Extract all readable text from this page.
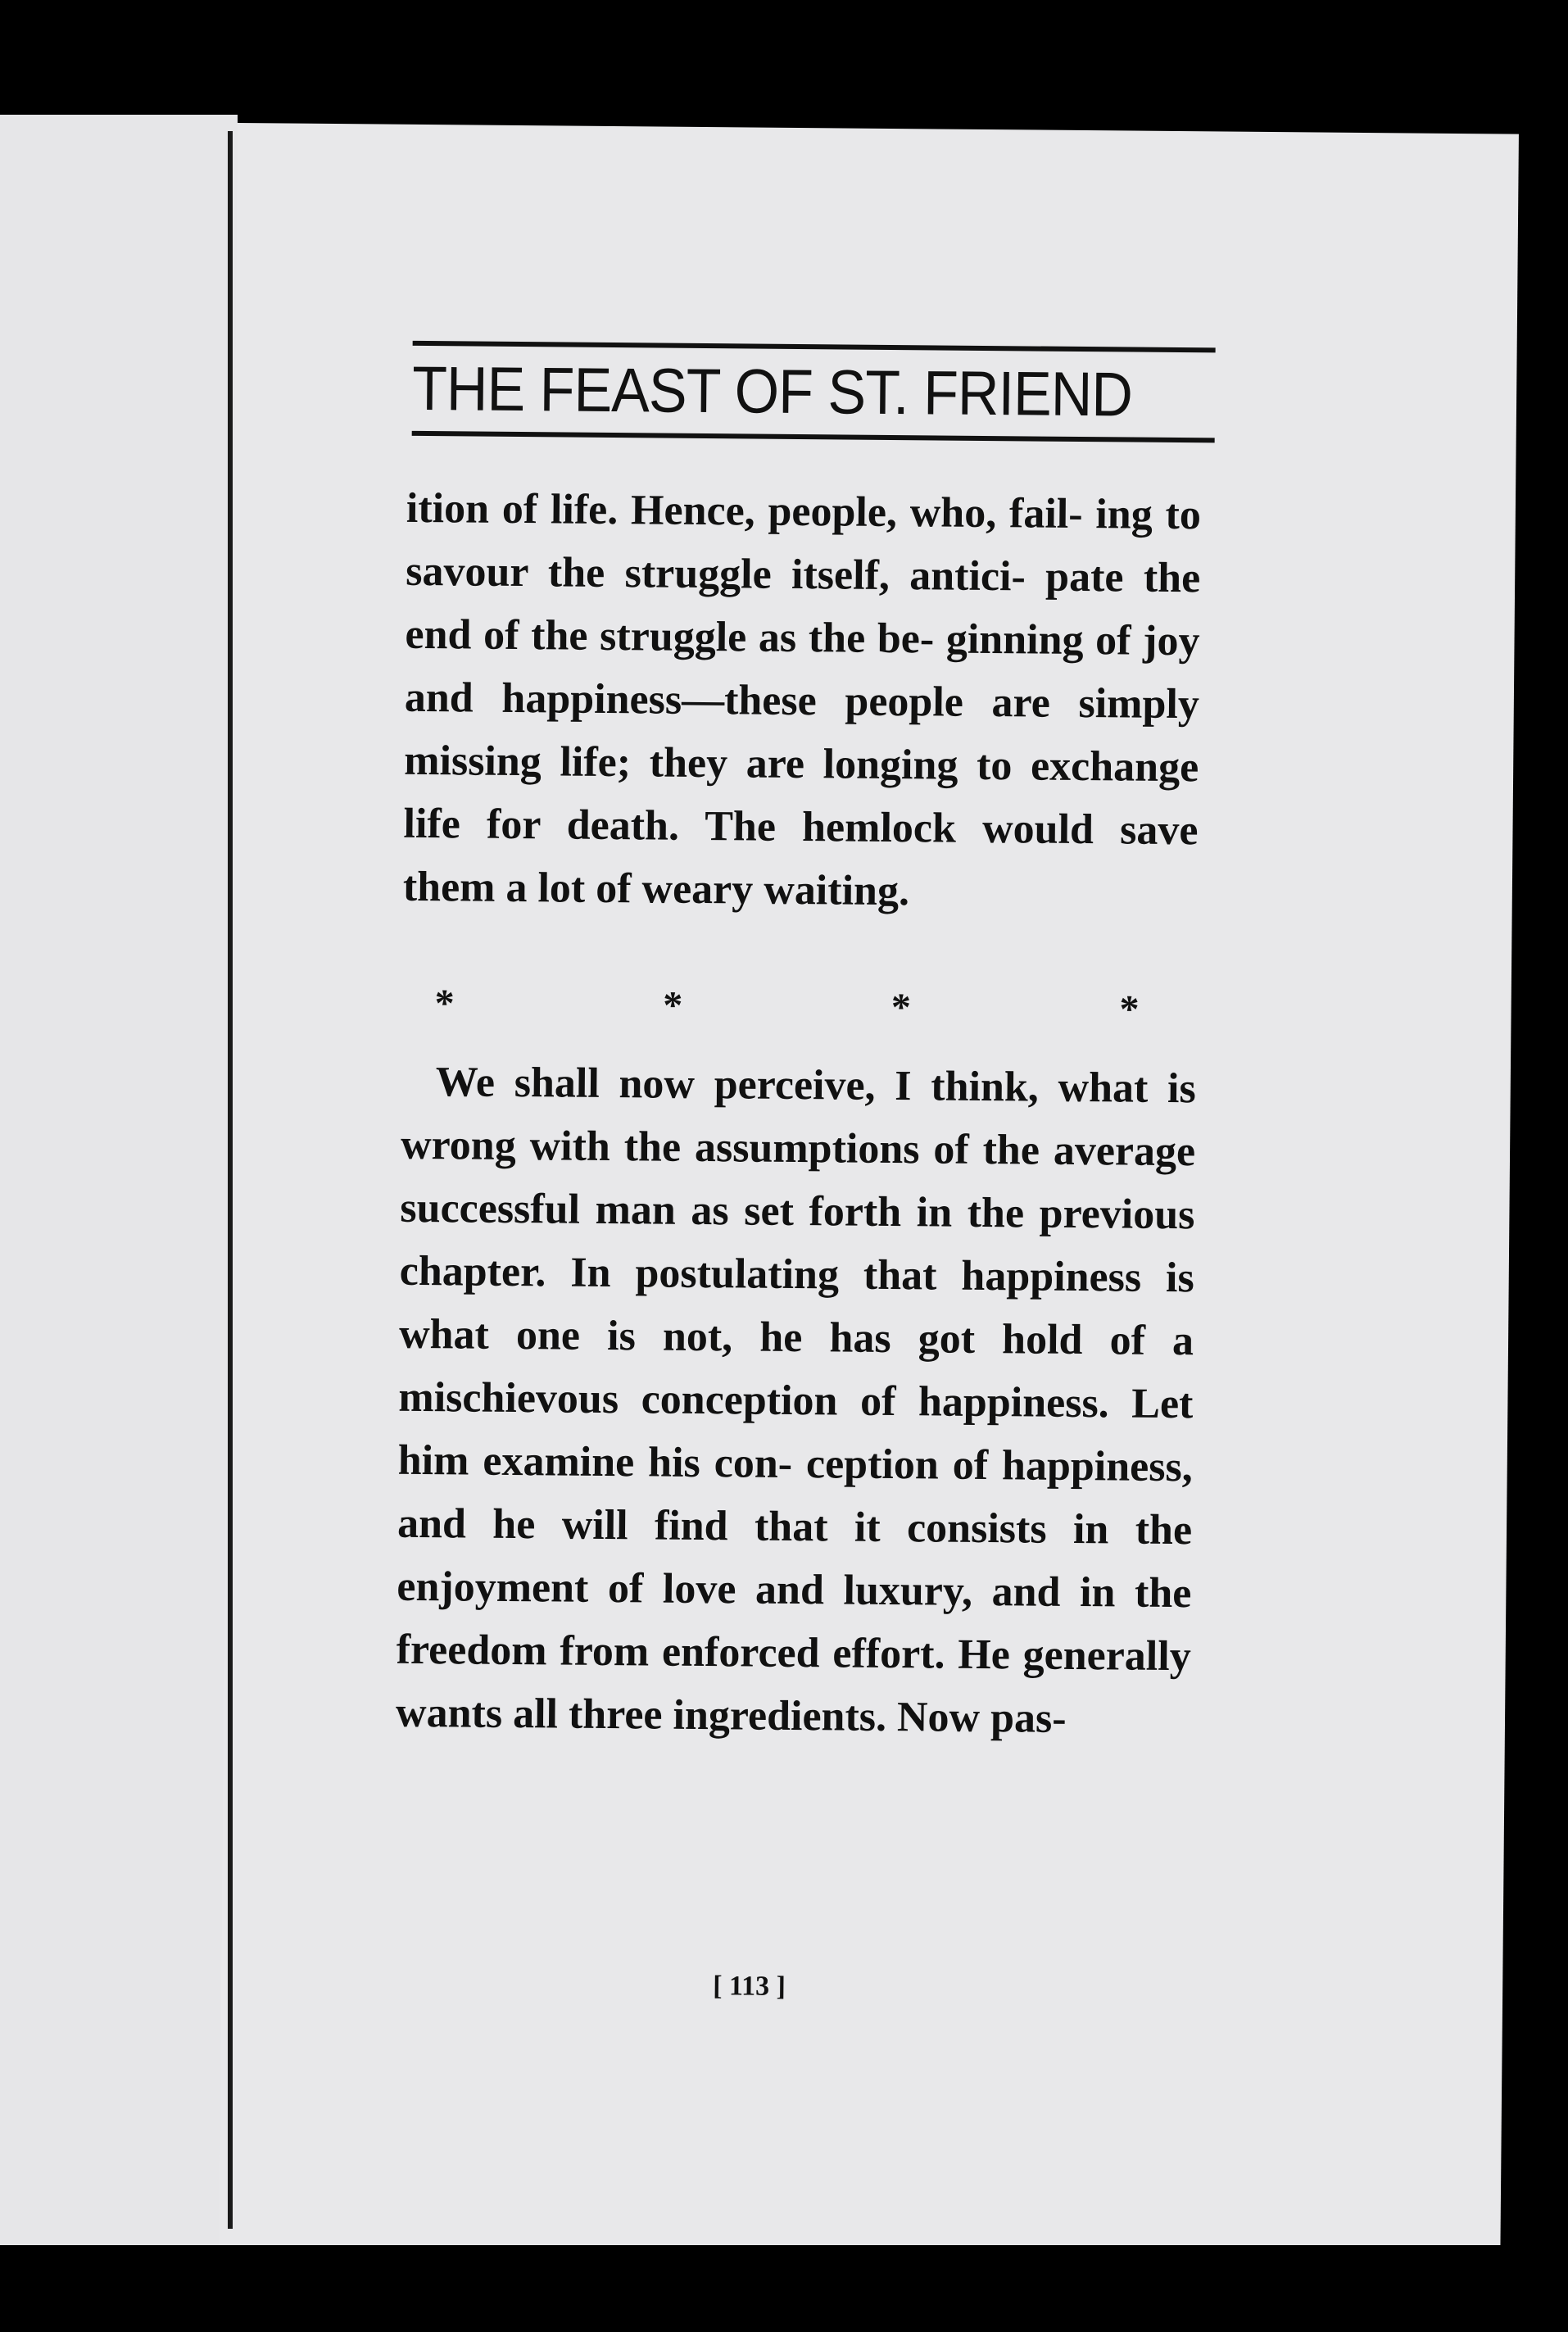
THE FEAST OF ST. FRIEND
ition of life. Hence, people, who, fail- ing to savour the struggle itself, antici- pate the end of the struggle as the be- ginning of joy and happiness—these people are simply missing life; they are longing to exchange life for death. The hemlock would save them a lot of weary waiting.
*	*	*	*
We shall now perceive, I think, what is wrong with the assumptions of the average successful man as set forth in the previous chapter. In postulating that happiness is what one is not, he has got hold of a mischievous conception of happiness. Let him examine his con- ception of happiness, and he will find that it consists in the enjoyment of love and luxury, and in the freedom from enforced effort. He generally wants all three ingredients. Now pas-
[ 113 ]
